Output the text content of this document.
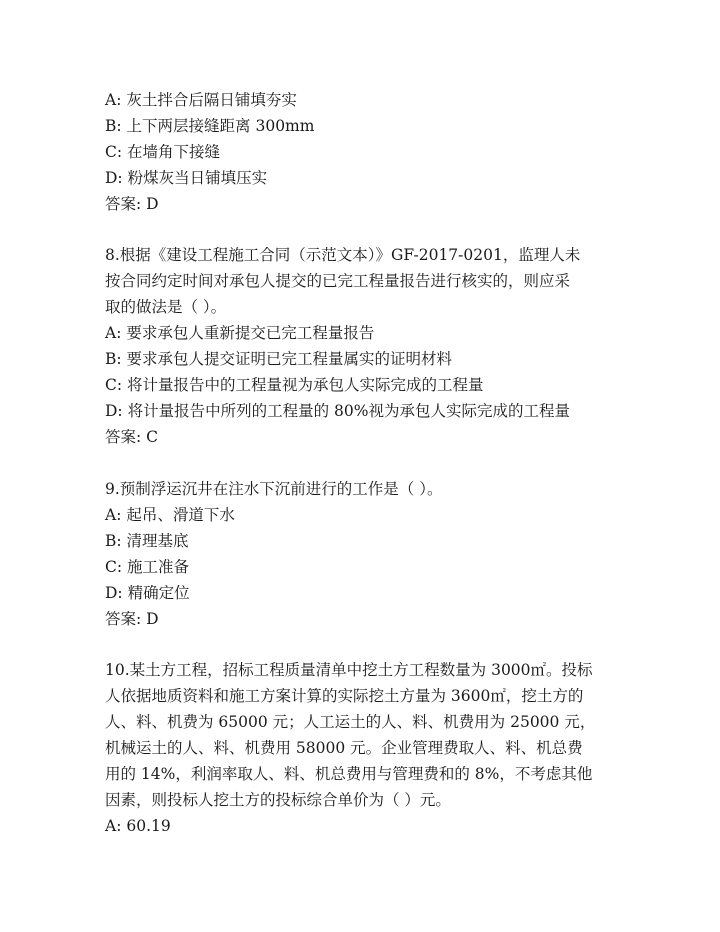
A: 灰土拌合后隔日铺填夯实
B: 上下两层接缝距离 300mm
C: 在墙角下接缝
D: 粉煤灰当日铺填压实
答案: D
8.根据《建设工程施工合同（示范文本）》GF-2017-0201，监理人未
按合同约定时间对承包人提交的已完工程量报告进行核实的，则应采
取的做法是（ ）。
A: 要求承包人重新提交已完工程量报告
B: 要求承包人提交证明已完工程量属实的证明材料
C: 将计量报告中的工程量视为承包人实际完成的工程量
D: 将计量报告中所列的工程量的 80%视为承包人实际完成的工程量
答案: C
9.预制浮运沉井在注水下沉前进行的工作是（ ）。
A: 起吊、滑道下水
B: 清理基底
C: 施工准备
D: 精确定位
答案: D
10.某土方工程，招标工程质量清单中挖土方工程数量为 3000㎡。投标
人依据地质资料和施工方案计算的实际挖土方量为 3600㎡，挖土方的
人、料、机费为 65000 元；人工运土的人、料、机费用为 25000 元，
机械运土的人、料、机费用 58000 元。企业管理费取人、料、机总费
用的 14%，利润率取人、料、机总费用与管理费和的 8%，不考虑其他
因素，则投标人挖土方的投标综合单价为（ ）元。
A: 60.19
